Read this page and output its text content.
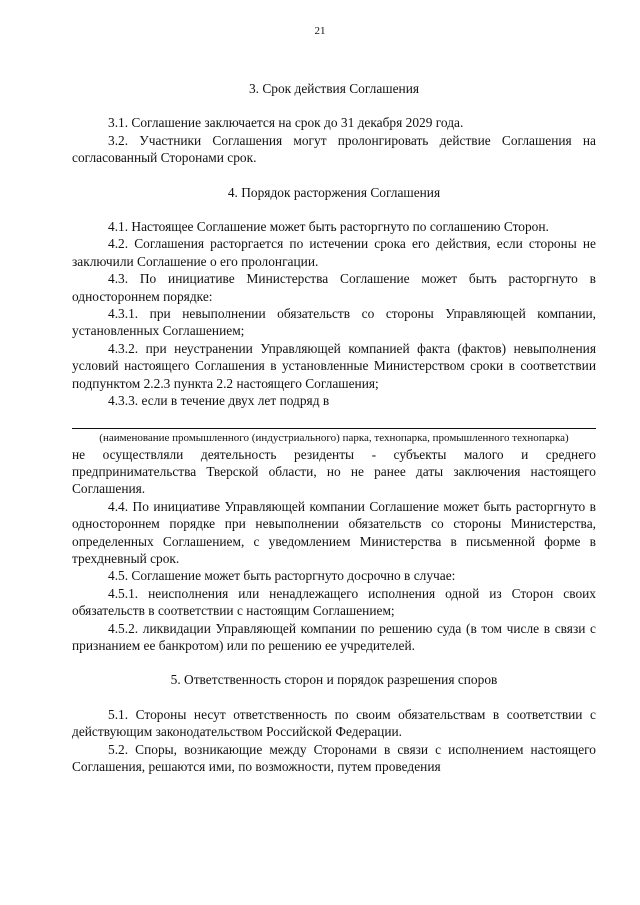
21

3. Срок действия Соглашения

3.1. Соглашение заключается на срок до 31 декабря 2029 года.

3.2. Участники Соглашения могут пролонгировать действие Соглашения на согласованный Сторонами срок.

4. Порядок расторжения Соглашения

4.1. Настоящее Соглашение может быть расторгнуто по соглашению Сторон.

4.2. Соглашения расторгается по истечении срока его действия, если стороны не заключили Соглашение о его пролонгации.

4.3. По инициативе Министерства Соглашение может быть расторгнуто в одностороннем порядке:

4.3.1. при невыполнении обязательств со стороны Управляющей компании, установленных Соглашением;

4.3.2. при неустранении Управляющей компанией факта (фактов) невыполнения условий настоящего Соглашения в установленные Министерством сроки в соответствии подпунктом 2.2.3 пункта 2.2 настоящего Соглашения;

4.3.3. если в течение двух лет подряд в

(наименование промышленного (индустриального) парка, технопарка, промышленного технопарка)

не осуществляли деятельность резиденты - субъекты малого и среднего предпринимательства Тверской области, но не ранее даты заключения настоящего Соглашения.

4.4. По инициативе Управляющей компании Соглашение может быть расторгнуто в одностороннем порядке при невыполнении обязательств со стороны Министерства, определенных Соглашением, с уведомлением Министерства в письменной форме в трехдневный срок.

4.5. Соглашение может быть расторгнуто досрочно в случае:

4.5.1. неисполнения или ненадлежащего исполнения одной из Сторон своих обязательств в соответствии с настоящим Соглашением;

4.5.2. ликвидации Управляющей компании по решению суда (в том числе в связи с признанием ее банкротом) или по решению ее учредителей.

5. Ответственность сторон и порядок разрешения споров

5.1. Стороны несут ответственность по своим обязательствам в соответствии с действующим законодательством Российской Федерации.

5.2. Споры, возникающие между Сторонами в связи с исполнением настоящего Соглашения, решаются ими, по возможности, путем проведения
